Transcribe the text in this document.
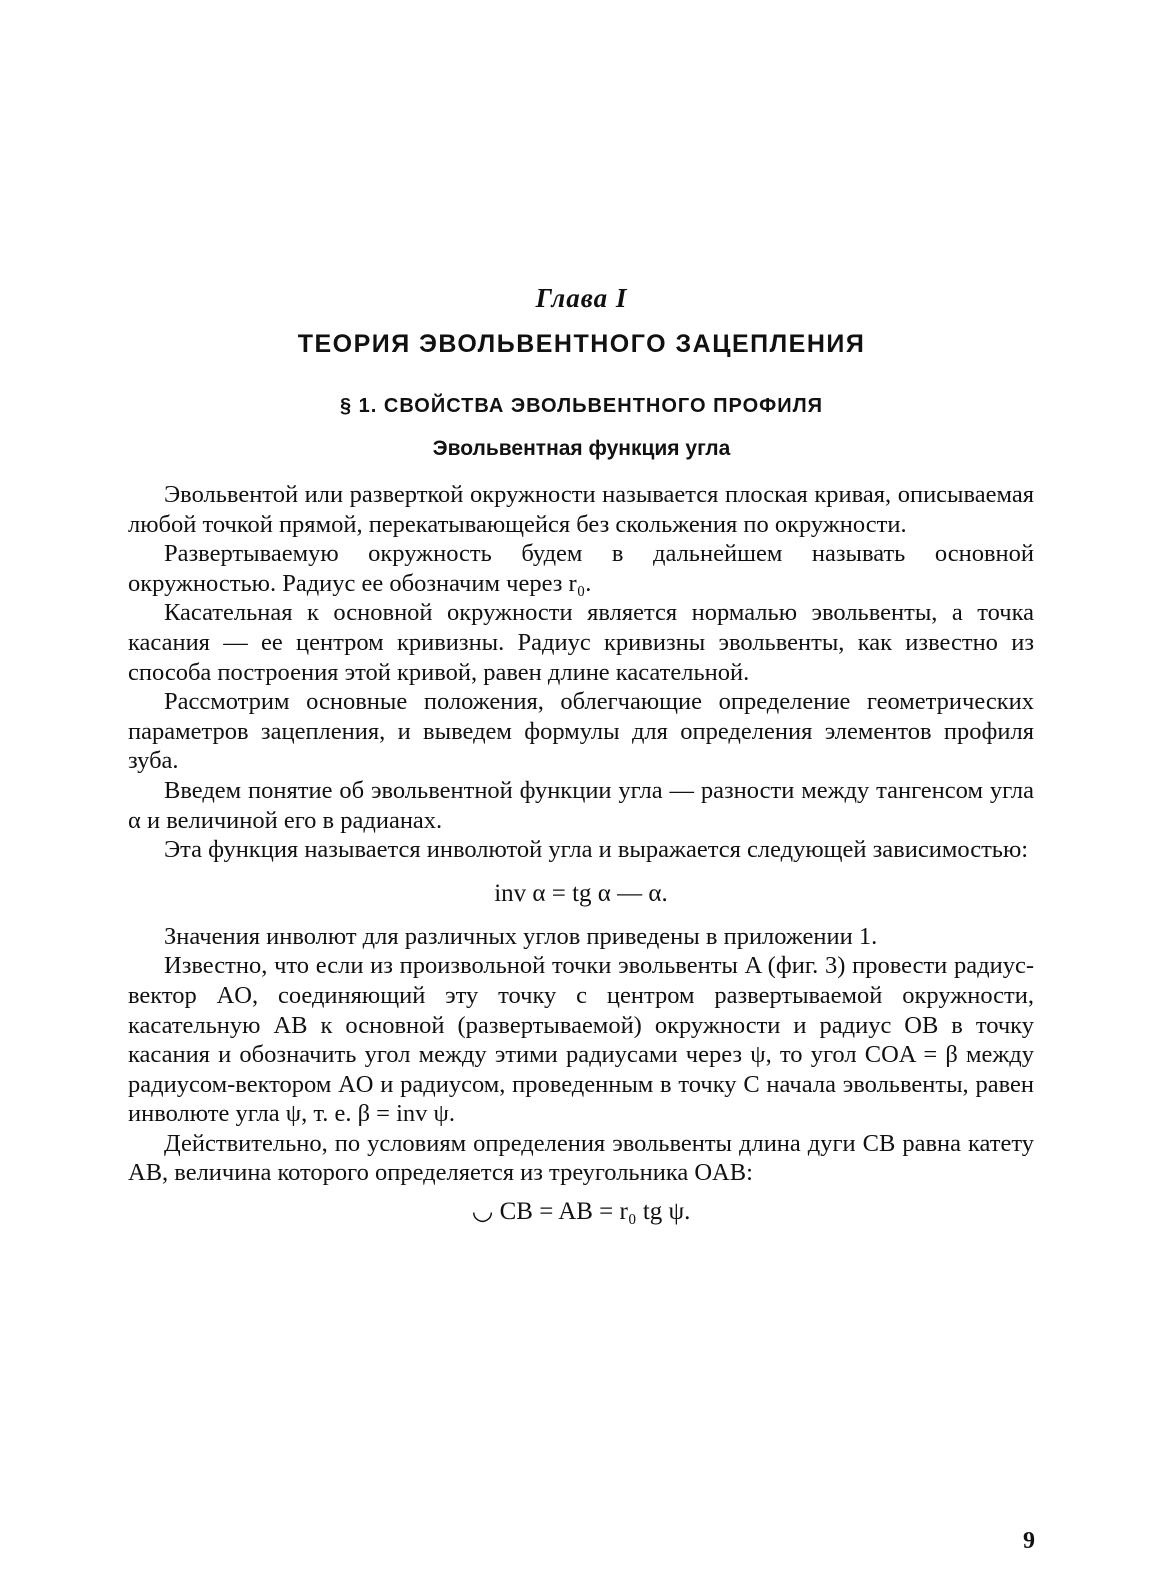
Глава I
ТЕОРИЯ ЭВОЛЬВЕНТНОГО ЗАЦЕПЛЕНИЯ
§ 1. СВОЙСТВА ЭВОЛЬВЕНТНОГО ПРОФИЛЯ
Эвольвентная функция угла

Эвольвентой или разверткой окружности называется плоская кривая, описываемая любой точкой прямой, перекатывающейся без скольжения по окружности.

Развертываемую окружность будем в дальнейшем называть основной окружностью. Радиус ее обозначим через r₀.

Касательная к основной окружности является нормалью эвольвенты, а точка касания — ее центром кривизны. Радиус кривизны эвольвенты, как известно из способа построения этой кривой, равен длине касательной.

Рассмотрим основные положения, облегчающие определение геометрических параметров зацепления, и выведем формулы для определения элементов профиля зуба.

Введем понятие об эвольвентной функции угла — разности между тангенсом угла α и величиной его в радианах.

Эта функция называется инволютой угла и выражается следующей зависимостью:

inv α = tg α — α.

Значения инволют для различных углов приведены в приложении 1.

Известно, что если из произвольной точки эвольвенты A (фиг. 3) провести радиус-вектор AO, соединяющий эту точку с центром развертываемой окружности, касательную AB к основной (развертываемой) окружности и радиус OB в точку касания и обозначить угол между этими радиусами через ψ, то угол COA = β между радиусом-вектором AO и радиусом, проведенным в точку C начала эвольвенты, равен инволюте угла ψ, т. е. β = inv ψ.

Действительно, по условиям определения эвольвенты длина дуги CB равна катету AB, величина которого определяется из треугольника OAB:

◡ CB = AB = r₀ tg ψ.
9
